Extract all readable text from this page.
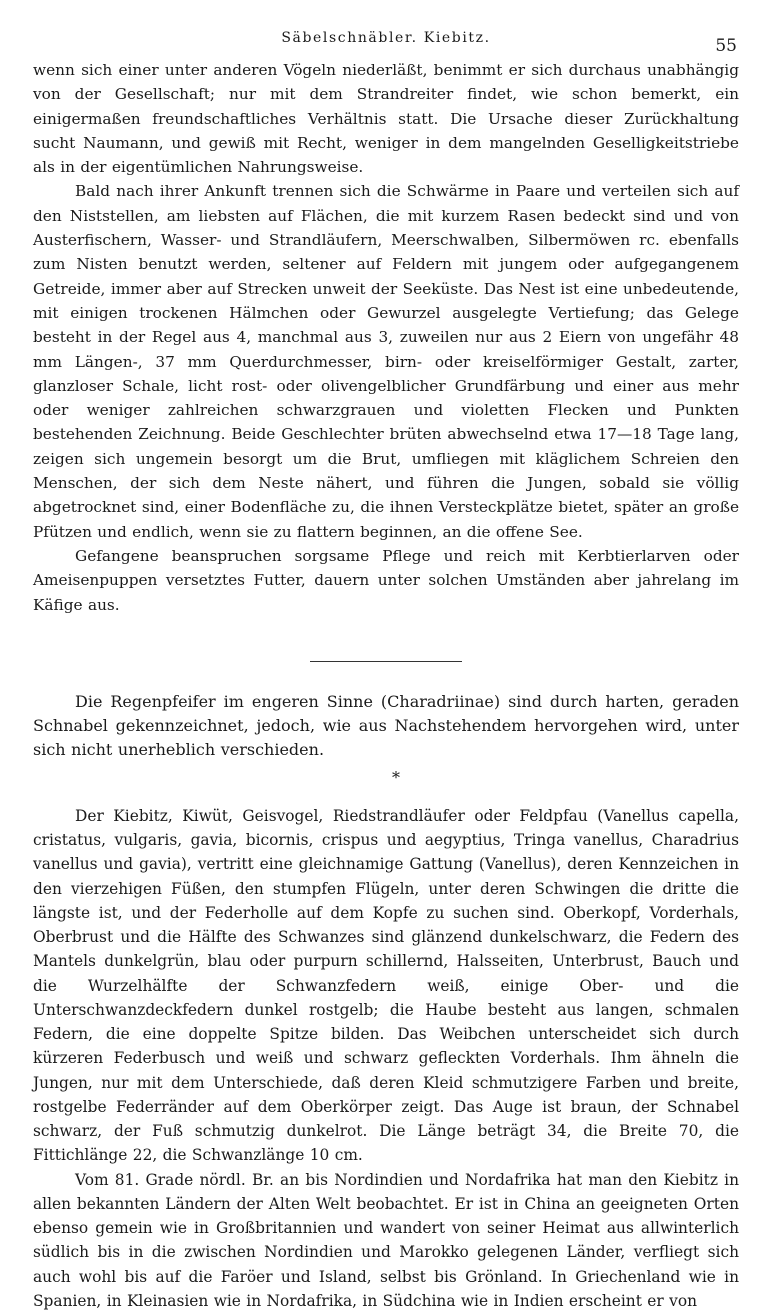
Säbelschnäbler. Kiebitz.	55

wenn sich einer unter anderen Vögeln niederläßt, benimmt er sich durchaus unabhängig von der Gesellschaft; nur mit dem Strandreiter findet, wie schon bemerkt, ein einigermaßen freundschaftliches Verhältnis statt. Die Ursache dieser Zurückhaltung sucht Naumann, und gewiß mit Recht, weniger in dem mangelnden Geselligkeitstriebe als in der eigentümlichen Nahrungsweise.

Bald nach ihrer Ankunft trennen sich die Schwärme in Paare und verteilen sich auf den Niststellen, am liebsten auf Flächen, die mit kurzem Rasen bedeckt sind und von Austerfischern, Wasser- und Strandläufern, Meerschwalben, Silbermöwen rc. ebenfalls zum Nisten benutzt werden, seltener auf Feldern mit jungem oder aufgegangenem Getreide, immer aber auf Strecken unweit der Seeküste. Das Nest ist eine unbedeutende, mit einigen trockenen Hälmchen oder Gewurzel ausgelegte Vertiefung; das Gelege besteht in der Regel aus 4, manchmal aus 3, zuweilen nur aus 2 Eiern von ungefähr 48 mm Längen-, 37 mm Querdurchmesser, birn- oder kreiselförmiger Gestalt, zarter, glanzloser Schale, licht rost- oder olivengelblicher Grundfärbung und einer aus mehr oder weniger zahlreichen schwarzgrauen und violetten Flecken und Punkten bestehenden Zeichnung. Beide Geschlechter brüten abwechselnd etwa 17—18 Tage lang, zeigen sich ungemein besorgt um die Brut, umfliegen mit kläglichem Schreien den Menschen, der sich dem Neste nähert, und führen die Jungen, sobald sie völlig abgetrocknet sind, einer Bodenfläche zu, die ihnen Versteckplätze bietet, später an große Pfützen und endlich, wenn sie zu flattern beginnen, an die offene See.

Gefangene beanspruchen sorgsame Pflege und reich mit Kerbtierlarven oder Ameisenpuppen versetztes Futter, dauern unter solchen Umständen aber jahrelang im Käfige aus.

Die Regenpfeifer im engeren Sinne (Charadriinae) sind durch harten, geraden Schnabel gekennzeichnet, jedoch, wie aus Nachstehendem hervorgehen wird, unter sich nicht unerheblich verschieden.

*

Der Kiebitz, Kiwüt, Geisvogel, Riedstrandläufer oder Feldpfau (Vanellus capella, cristatus, vulgaris, gavia, bicornis, crispus und aegyptius, Tringa vanellus, Charadrius vanellus und gavia), vertritt eine gleichnamige Gattung (Vanellus), deren Kennzeichen in den vierzehigen Füßen, den stumpfen Flügeln, unter deren Schwingen die dritte die längste ist, und der Federholle auf dem Kopfe zu suchen sind. Oberkopf, Vorderhals, Oberbrust und die Hälfte des Schwanzes sind glänzend dunkelschwarz, die Federn des Mantels dunkelgrün, blau oder purpurn schillernd, Halsseiten, Unterbrust, Bauch und die Wurzelhälfte der Schwanzfedern weiß, einige Ober- und die Unterschwanzdeckfedern dunkel rostgelb; die Haube besteht aus langen, schmalen Federn, die eine doppelte Spitze bilden. Das Weibchen unterscheidet sich durch kürzeren Federbusch und weiß und schwarz gefleckten Vorderhals. Ihm ähneln die Jungen, nur mit dem Unterschiede, daß deren Kleid schmutzigere Farben und breite, rostgelbe Federränder auf dem Oberkörper zeigt. Das Auge ist braun, der Schnabel schwarz, der Fuß schmutzig dunkelrot. Die Länge beträgt 34, die Breite 70, die Fittichlänge 22, die Schwanzlänge 10 cm.

Vom 81. Grade nördl. Br. an bis Nordindien und Nordafrika hat man den Kiebitz in allen bekannten Ländern der Alten Welt beobachtet. Er ist in China an geeigneten Orten ebenso gemein wie in Großbritannien und wandert von seiner Heimat aus allwinterlich südlich bis in die zwischen Nordindien und Marokko gelegenen Länder, verfliegt sich auch wohl bis auf die Faröer und Island, selbst bis Grönland. In Griechenland wie in Spanien, in Kleinasien wie in Nordafrika, in Südchina wie in Indien erscheint er von
